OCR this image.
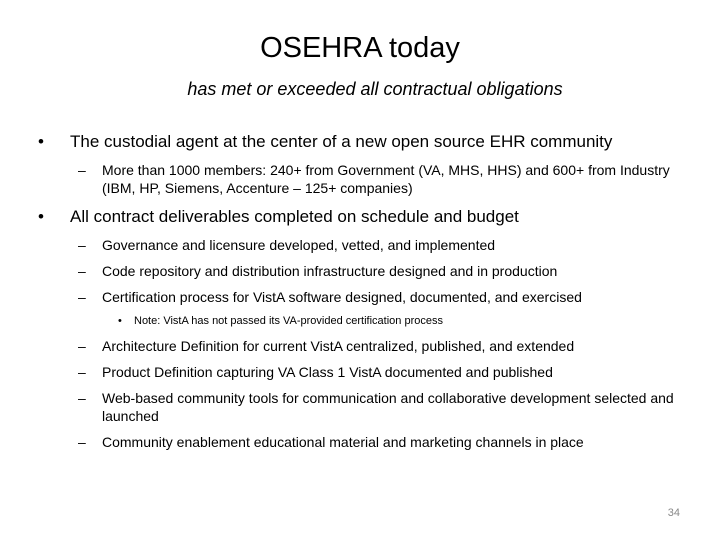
OSEHRA today
has met or exceeded all contractual obligations
• The custodial agent at the center of a new open source EHR community
– More than 1000 members: 240+ from Government (VA, MHS, HHS) and 600+ from Industry (IBM, HP, Siemens, Accenture – 125+ companies)
• All contract deliverables completed on schedule and budget
– Governance and licensure developed, vetted, and implemented
– Code repository and distribution infrastructure designed and in production
– Certification process for VistA software designed, documented, and exercised
• Note: VistA has not passed its VA-provided certification process
– Architecture Definition for current VistA centralized, published, and extended
– Product Definition capturing VA Class 1 VistA documented and published
– Web-based community tools for communication and collaborative development selected and launched
– Community enablement educational material and marketing channels in place
34
